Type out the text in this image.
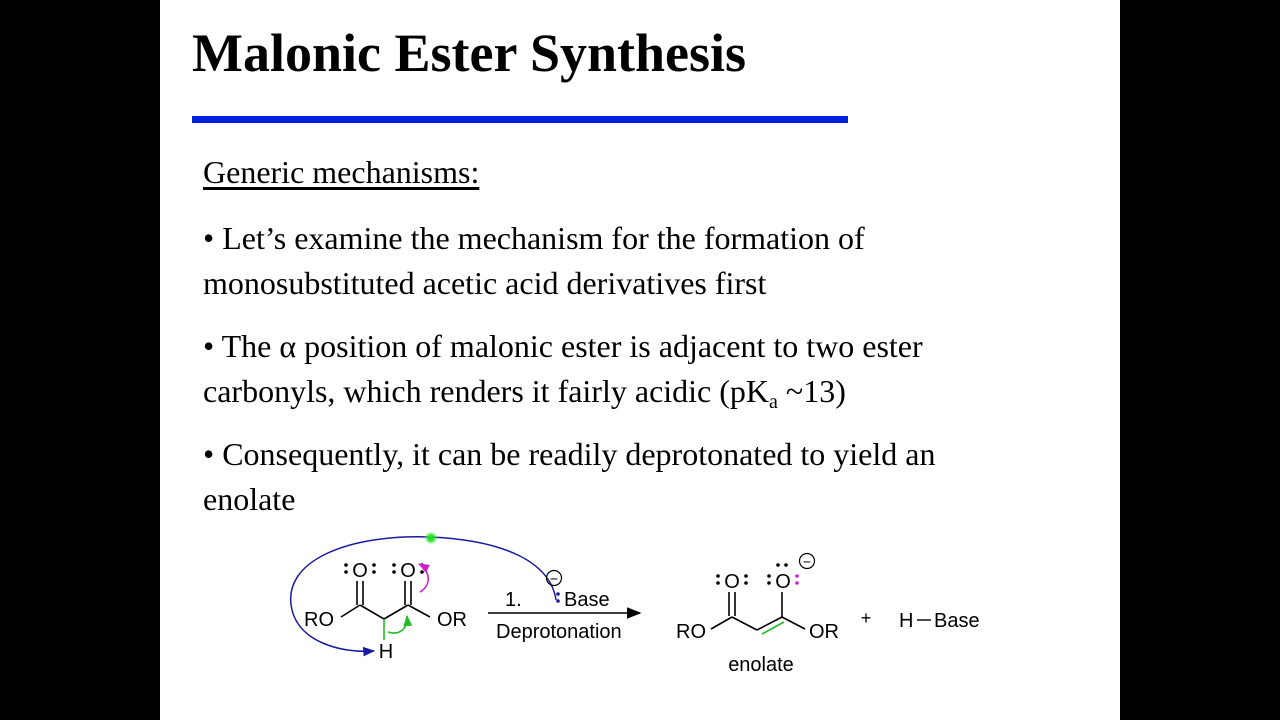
Malonic Ester Synthesis
Generic mechanisms:
• Let’s examine the mechanism for the formation of
monosubstituted acetic acid derivatives first
• The α position of malonic ester is adjacent to two ester
carbonyls, which renders it fairly acidic ($pK_a$ ~13)
• Consequently, it can be readily deprotonated to yield an
enolate
RO	OR
O O
H
−
Base
1.
Deprotonation	RO	OR
O O
−
enolate
+ H Base
